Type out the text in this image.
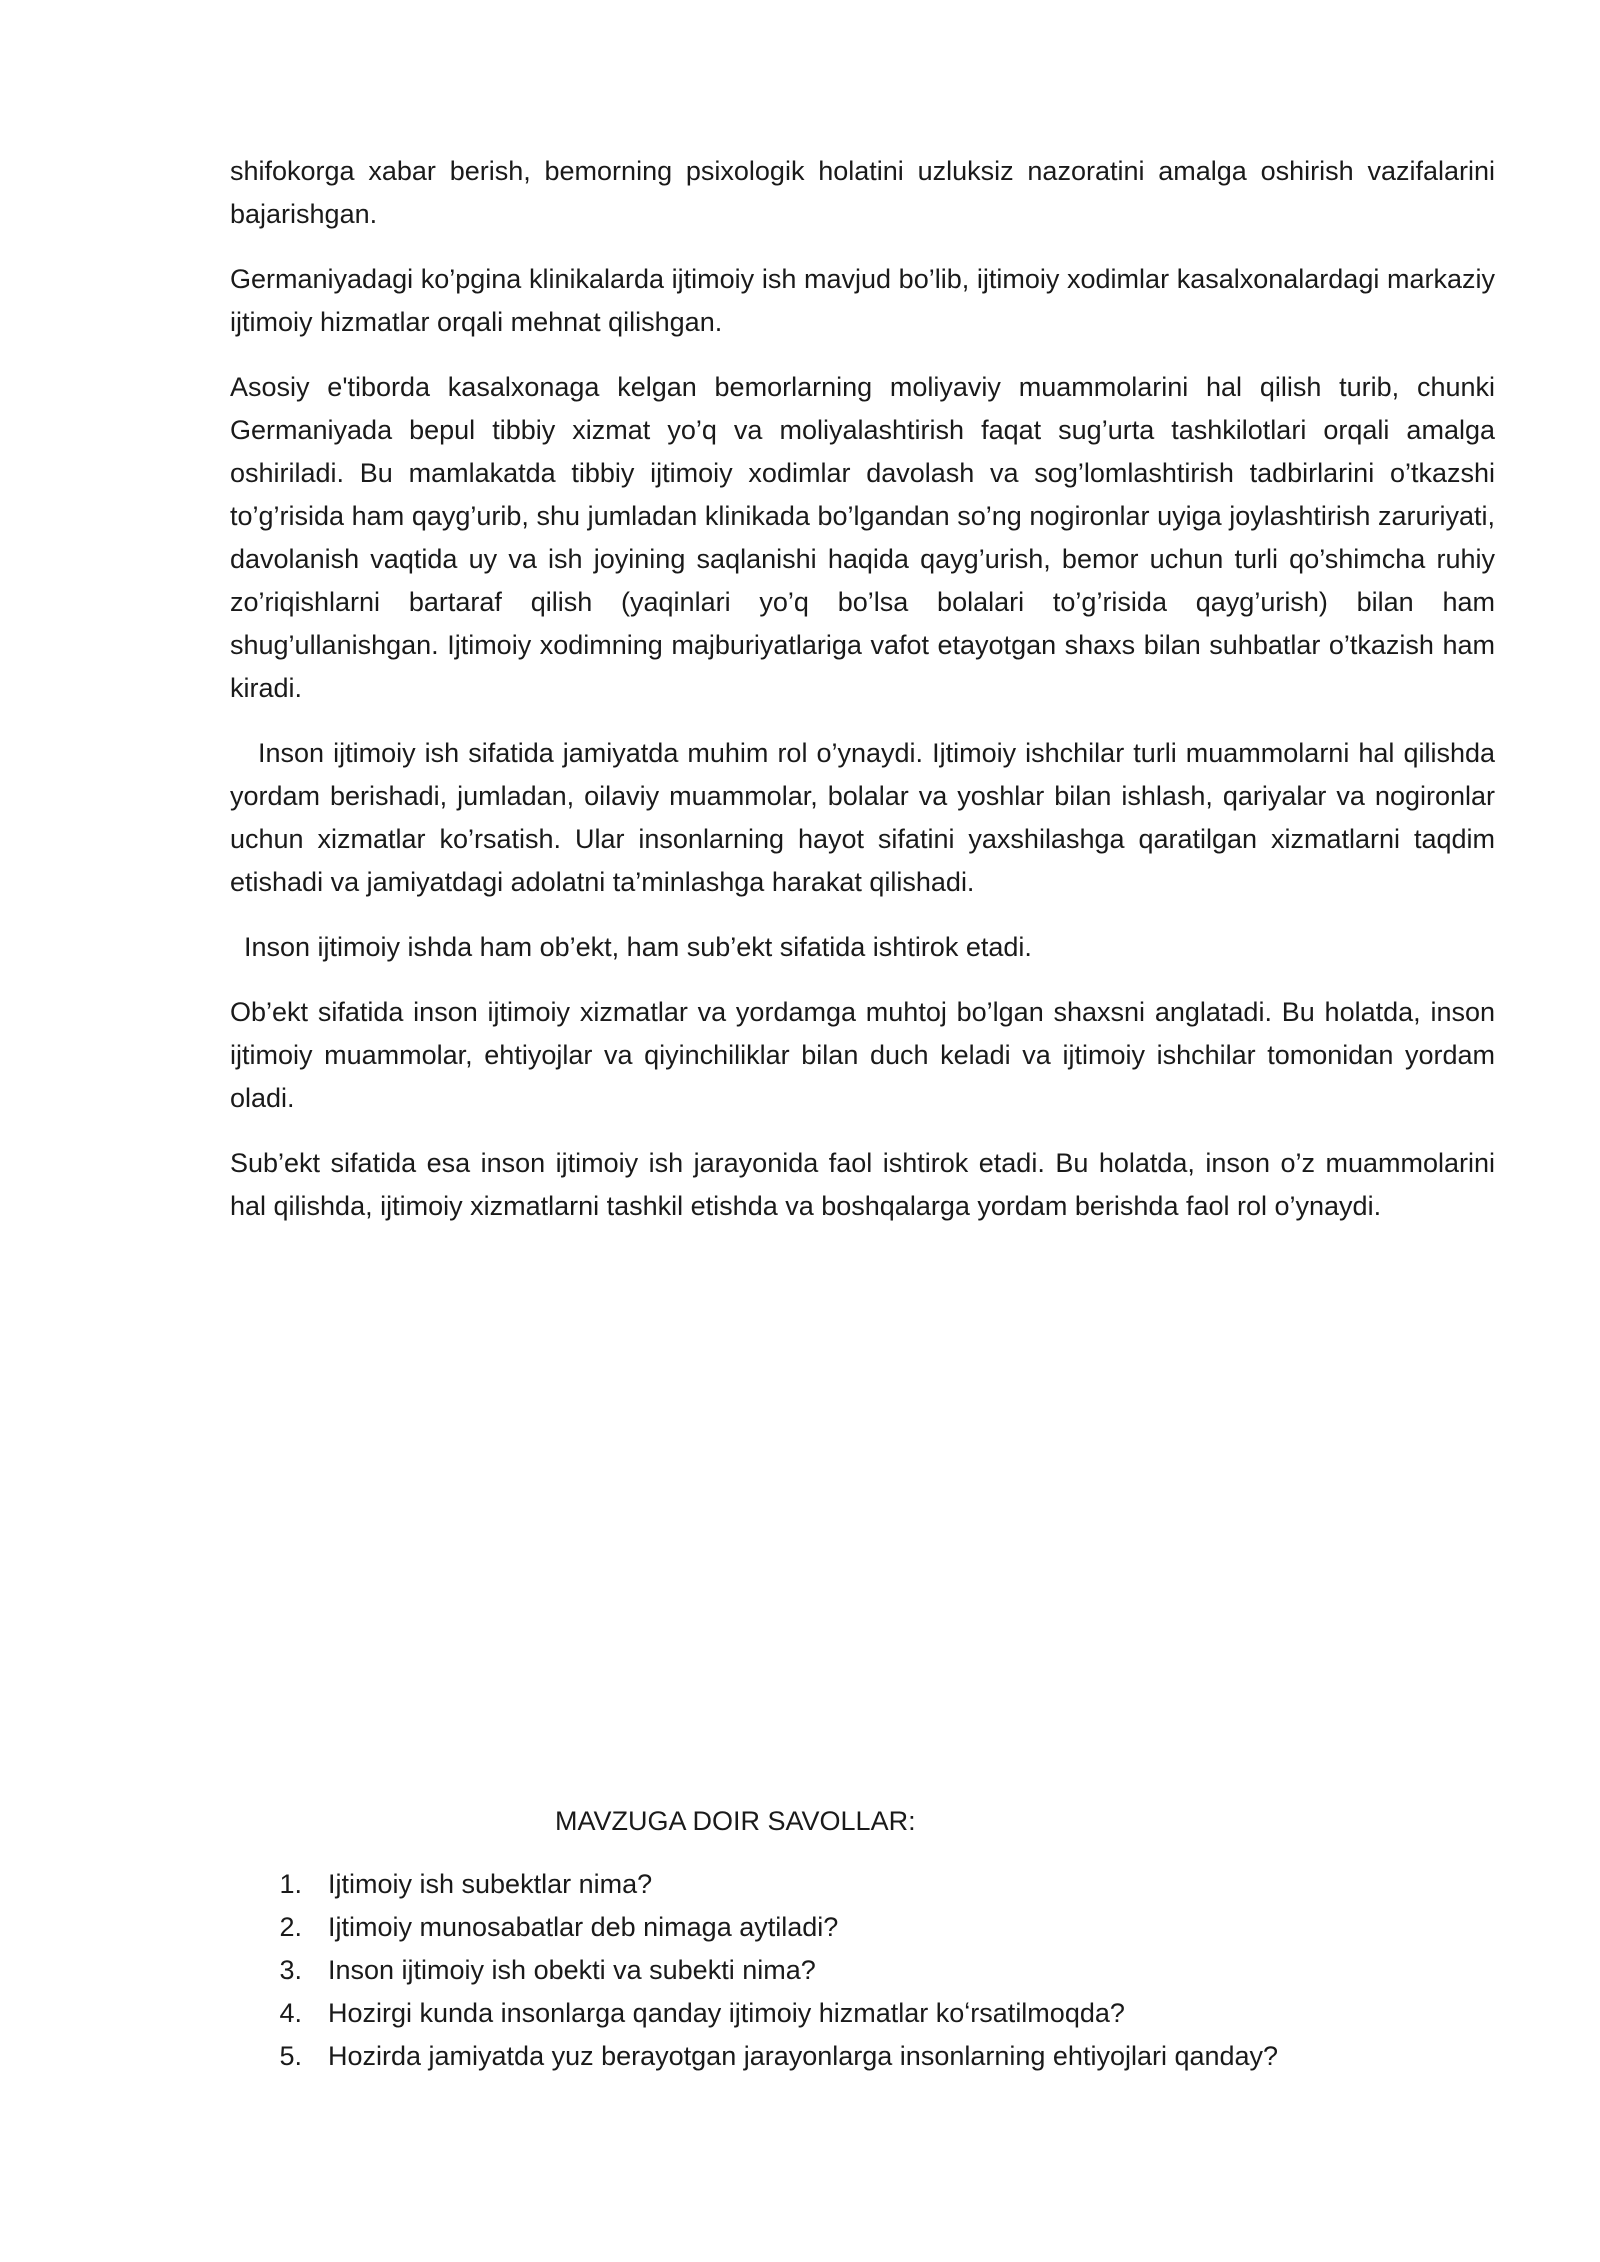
shifokorga xabar berish, bemorning psixologik holatini uzluksiz nazoratini amalga oshirish vazifalarini bajarishgan.

Germaniyadagi ko’pgina klinikalarda ijtimoiy ish mavjud bo’lib, ijtimoiy xodimlar kasalxonalardagi markaziy ijtimoiy hizmatlar orqali mehnat qilishgan.

Asosiy e'tiborda kasalxonaga kelgan bemorlarning moliyaviy muammolarini hal qilish turib, chunki Germaniyada bepul tibbiy xizmat yo’q va moliyalashtirish faqat sug’urta tashkilotlari orqali amalga oshiriladi. Bu mamlakatda tibbiy ijtimoiy xodimlar davolash va sog’lomlashtirish tadbirlarini o’tkazshi to’g’risida ham qayg’urib, shu jumladan klinikada bo’lgandan so’ng nogironlar uyiga joylashtirish zaruriyati, davolanish vaqtida uy va ish joyining saqlanishi haqida qayg’urish, bemor uchun turli qo’shimcha ruhiy zo’riqishlarni bartaraf qilish (yaqinlari yo’q bo’lsa bolalari to’g’risida qayg’urish) bilan ham shug’ullanishgan. Ijtimoiy xodimning majburiyatlariga vafot etayotgan shaxs bilan suhbatlar o’tkazish ham kiradi.

Inson ijtimoiy ish sifatida jamiyatda muhim rol o’ynaydi. Ijtimoiy ishchilar turli muammolarni hal qilishda yordam berishadi, jumladan, oilaviy muammolar, bolalar va yoshlar bilan ishlash, qariyalar va nogironlar uchun xizmatlar ko’rsatish. Ular insonlarning hayot sifatini yaxshilashga qaratilgan xizmatlarni taqdim etishadi va jamiyatdagi adolatni ta’minlashga harakat qilishadi.

Inson ijtimoiy ishda ham ob’ekt, ham sub’ekt sifatida ishtirok etadi.

Ob’ekt sifatida inson ijtimoiy xizmatlar va yordamga muhtoj bo’lgan shaxsni anglatadi. Bu holatda, inson ijtimoiy muammolar, ehtiyojlar va qiyinchiliklar bilan duch keladi va ijtimoiy ishchilar tomonidan yordam oladi.

Sub’ekt sifatida esa inson ijtimoiy ish jarayonida faol ishtirok etadi. Bu holatda, inson o’z muammolarini hal qilishda, ijtimoiy xizmatlarni tashkil etishda va boshqalarga yordam berishda faol rol o’ynaydi.

MAVZUGA DOIR SAVOLLAR:

1. Ijtimoiy ish subektlar nima?
2. Ijtimoiy munosabatlar deb nimaga aytiladi?
3. Inson ijtimoiy ish obekti va subekti nima?
4. Hozirgi kunda insonlarga qanday ijtimoiy hizmatlar koʻrsatilmoqda?
5. Hozirda jamiyatda yuz berayotgan jarayonlarga insonlarning ehtiyojlari qanday?
